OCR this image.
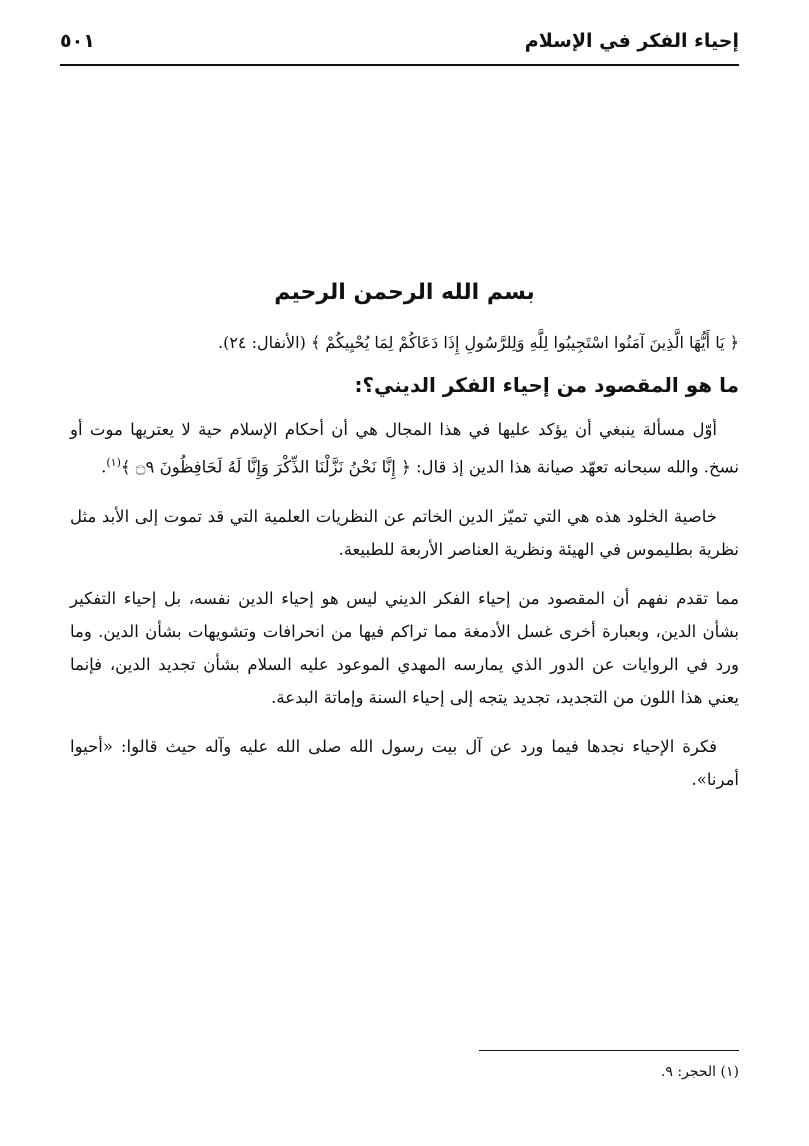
إحياء الفكر في الإسلام
٥٠١
بسم الله الرحمن الرحيم
﴿ يَا أَيُّهَا الَّذِينَ آمَنُوا اسْتَجِيبُوا لِلَّهِ وَلِلرَّسُولِ إِذَا دَعَاكُمْ لِمَا يُحْيِيكُمْ ﴾ (الأنفال: ٢٤).
ما هو المقصود من إحياء الفكر الديني؟:

أوّل مسألة ينبغي أن يؤكد عليها في هذا المجال هي أن أحكام الإسلام حية لا يعتريها موت أو نسخ. والله سبحانه تعهّد صيانة هذا الدين إذ قال: ﴿ إِنَّا نَحْنُ نَزَّلْنَا الذِّكْرَ وَإِنَّا لَهُ لَحَافِظُونَ ۝٩ ﴾$^{(١)}$.

خاصية الخلود هذه هي التي تميّز الدين الخاتم عن النظريات العلمية التي قد تموت إلى الأبد مثل نظرية بطليموس في الهيئة ونظرية العناصر الأربعة للطبيعة.

مما تقدم نفهم أن المقصود من إحياء الفكر الديني ليس هو إحياء الدين نفسه، بل إحياء التفكير بشأن الدين، وبعبارة أخرى غسل الأدمغة مما تراكم فيها من انحرافات وتشويهات بشأن الدين. وما ورد في الروايات عن الدور الذي يمارسه المهدي الموعود عليه السلام بشأن تجديد الدين، فإنما يعني هذا اللون من التجديد، تجديد يتجه إلى إحياء السنة وإماتة البدعة.

فكرة الإحياء نجدها فيما ورد عن آل بيت رسول الله صلى الله عليه وآله حيث قالوا: «أحيوا أمرنا».

(١) الحجر: ٩.
